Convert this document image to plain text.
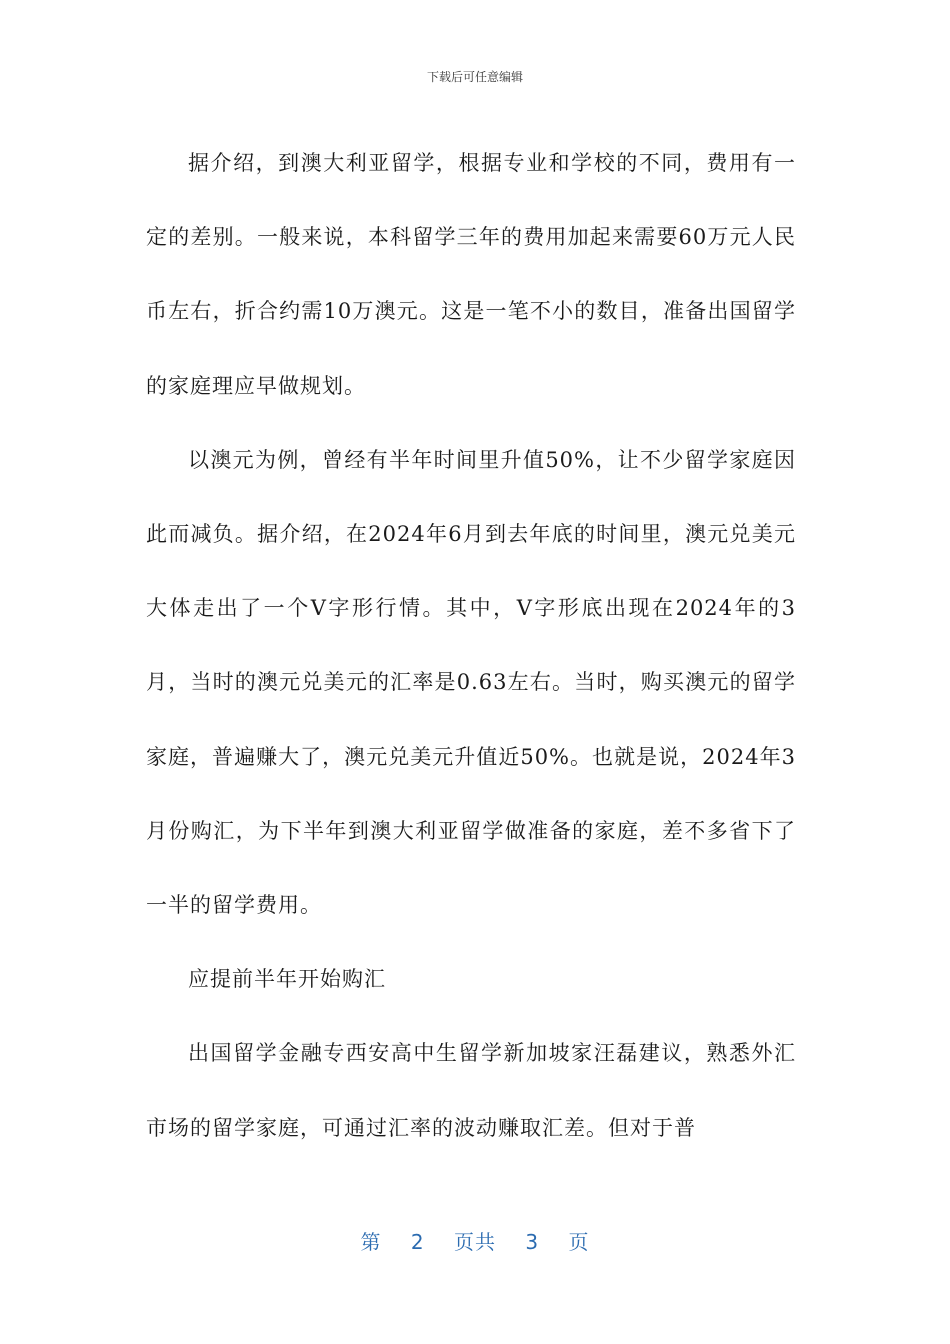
下载后可任意编辑

据介绍，到澳大利亚留学，根据专业和学校的不同，费用有一定的差别。一般来说，本科留学三年的费用加起来需要60万元人民币左右，折合约需10万澳元。这是一笔不小的数目，准备出国留学的家庭理应早做规划。

以澳元为例，曾经有半年时间里升值50%，让不少留学家庭因此而减负。据介绍，在2024年6月到去年底的时间里，澳元兑美元大体走出了一个V字形行情。其中，V字形底出现在2024年的3月，当时的澳元兑美元的汇率是0.63左右。当时，购买澳元的留学家庭，普遍赚大了，澳元兑美元升值近50%。也就是说，2024年3月份购汇，为下半年到澳大利亚留学做准备的家庭，差不多省下了一半的留学费用。

应提前半年开始购汇

出国留学金融专西安高中生留学新加坡家汪磊建议，熟悉外汇市场的留学家庭，可通过汇率的波动赚取汇差。但对于普

第 2 页共 3 页
